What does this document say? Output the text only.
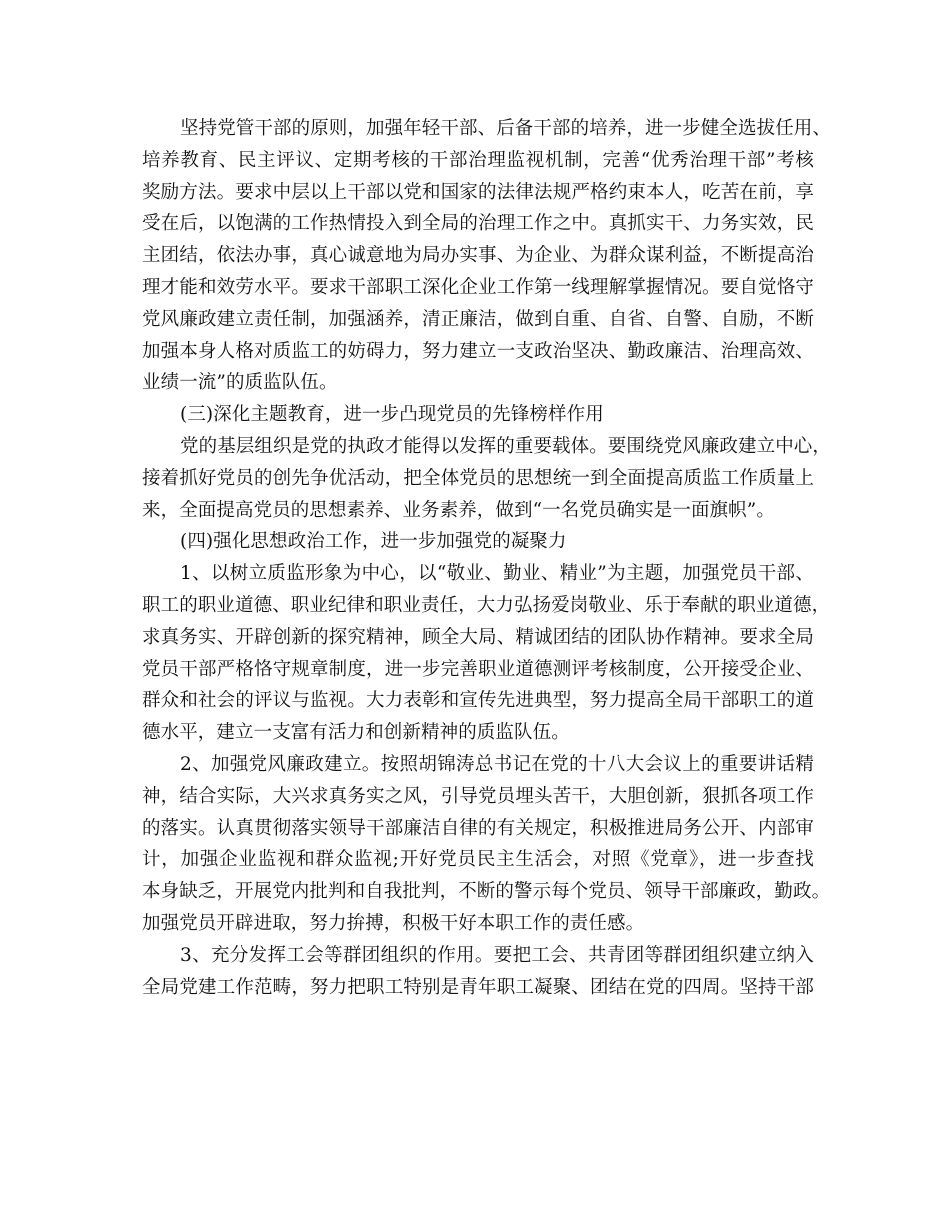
坚持党管干部的原则，加强年轻干部、后备干部的培养，进一步健全选拔任用、
培养教育、民主评议、定期考核的干部治理监视机制，完善“优秀治理干部”考核
奖励方法。要求中层以上干部以党和国家的法律法规严格约束本人，吃苦在前，享
受在后，以饱满的工作热情投入到全局的治理工作之中。真抓实干、力务实效，民
主团结，依法办事，真心诚意地为局办实事、为企业、为群众谋利益，不断提高治
理才能和效劳水平。要求干部职工深化企业工作第一线理解掌握情况。要自觉恪守
党风廉政建立责任制，加强涵养，清正廉洁，做到自重、自省、自警、自励，不断
加强本身人格对质监工的妨碍力，努力建立一支政治坚决、勤政廉洁、治理高效、
业绩一流”的质监队伍。
(三)深化主题教育，进一步凸现党员的先锋榜样作用
党的基层组织是党的执政才能得以发挥的重要载体。要围绕党风廉政建立中心，
接着抓好党员的创先争优活动，把全体党员的思想统一到全面提高质监工作质量上
来，全面提高党员的思想素养、业务素养，做到“一名党员确实是一面旗帜”。
(四)强化思想政治工作，进一步加强党的凝聚力
1、以树立质监形象为中心，以“敬业、勤业、精业”为主题，加强党员干部、
职工的职业道德、职业纪律和职业责任，大力弘扬爱岗敬业、乐于奉献的职业道德，
求真务实、开辟创新的探究精神，顾全大局、精诚团结的团队协作精神。要求全局
党员干部严格恪守规章制度，进一步完善职业道德测评考核制度，公开接受企业、
群众和社会的评议与监视。大力表彰和宣传先进典型，努力提高全局干部职工的道
德水平，建立一支富有活力和创新精神的质监队伍。
2、加强党风廉政建立。按照胡锦涛总书记在党的十八大会议上的重要讲话精
神，结合实际，大兴求真务实之风，引导党员埋头苦干，大胆创新，狠抓各项工作
的落实。认真贯彻落实领导干部廉洁自律的有关规定，积极推进局务公开、内部审
计，加强企业监视和群众监视;开好党员民主生活会，对照《党章》，进一步查找
本身缺乏，开展党内批判和自我批判，不断的警示每个党员、领导干部廉政，勤政。
加强党员开辟进取，努力拚搏，积极干好本职工作的责任感。
3、充分发挥工会等群团组织的作用。要把工会、共青团等群团组织建立纳入
全局党建工作范畴，努力把职工特别是青年职工凝聚、团结在党的四周。坚持干部
